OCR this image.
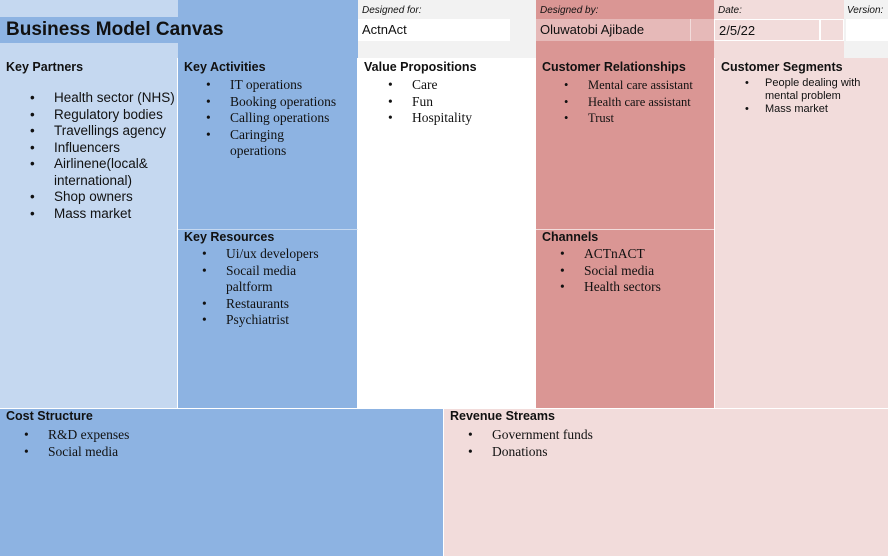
Business Model Canvas
Designed for:
ActnAct
Designed by:
Oluwatobi Ajibade
Date:
2/5/22
Version:
Key Partners
• Health sector (NHS)
• Regulatory bodies
• Travellings agency
• Influencers
• Airlinene(local& international)
• Shop owners
• Mass market
Key Activities
• IT operations
• Booking operations
• Calling operations
• Caringing operations
Key Resources
• Ui/ux developers
• Socail media paltform
• Restaurants
• Psychiatrist
Value Propositions
• Care
• Fun
• Hospitality
Customer Relationships
• Mental care assistant
• Health care assistant
• Trust
Channels
• ACTnACT
• Social media
• Health sectors
Customer Segments
• People dealing with mental problem
• Mass market
Cost Structure
• R&D expenses
• Social media
Revenue Streams
• Government funds
• Donations
